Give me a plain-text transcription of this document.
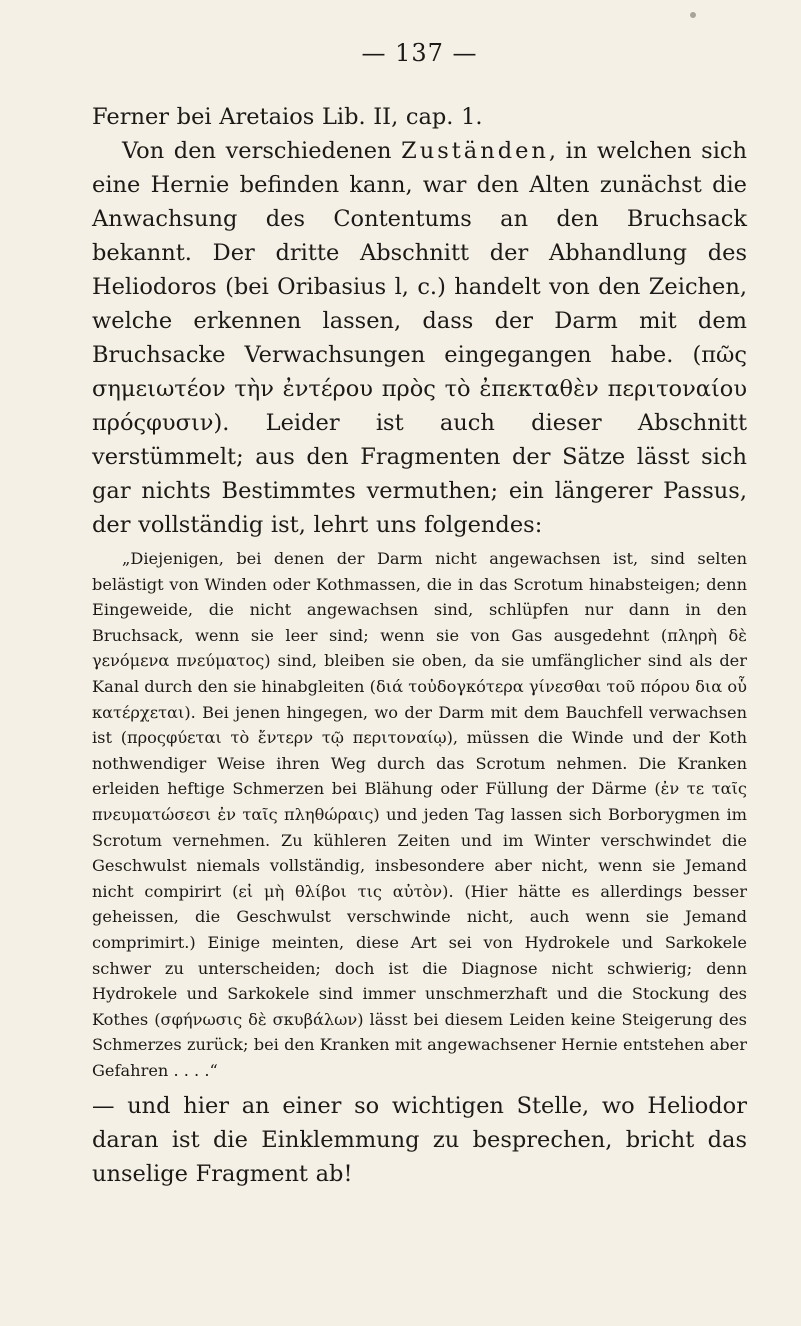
— 137 —

Ferner bei Aretaios Lib. II, cap. 1.

Von den verschiedenen Zuständen, in welchen sich eine Hernie befinden kann, war den Alten zunächst die Anwachsung des Contentums an den Bruchsack bekannt. Der dritte Abschnitt der Abhandlung des Heliodoros (bei Oribasius l, c.) handelt von den Zeichen, welche erkennen lassen, dass der Darm mit dem Bruchsacke Verwachsungen eingegangen habe. (πῶς σημειωτέον τὴν ἐντέρου πρὸς τὸ ἐπεκταθὲν περιτοναίου πρόςφυσιν). Leider ist auch dieser Abschnitt verstümmelt; aus den Fragmenten der Sätze lässt sich gar nichts Bestimmtes vermuthen; ein längerer Passus, der vollständig ist, lehrt uns folgendes:

„Diejenigen, bei denen der Darm nicht angewachsen ist, sind selten belästigt von Winden oder Kothmassen, die in das Scrotum hinabsteigen; denn Eingeweide, die nicht angewachsen sind, schlüpfen nur dann in den Bruchsack, wenn sie leer sind; wenn sie von Gas ausgedehnt (πληρὴ δὲ γενόμενα πνεύματος) sind, bleiben sie oben, da sie umfänglicher sind als der Kanal durch den sie hinabgleiten (διά τοὐδογκότερα γίνεσθαι τοῦ πόρου δια οὗ κατέρχεται). Bei jenen hingegen, wo der Darm mit dem Bauchfell verwachsen ist (προςφύεται τὸ ἔντερν τῷ περιτοναίῳ), müssen die Winde und der Koth nothwendiger Weise ihren Weg durch das Scrotum nehmen. Die Kranken erleiden heftige Schmerzen bei Blähung oder Füllung der Därme (ἐν τε ταῖς πνευματώσεσι ἐν ταῖς πληθώραις) und jeden Tag lassen sich Borborygmen im Scrotum vernehmen. Zu kühleren Zeiten und im Winter verschwindet die Geschwulst niemals vollständig, insbesondere aber nicht, wenn sie Jemand nicht compirirt (εἰ μὴ θλίβοι τις αὐτὸν). (Hier hätte es allerdings besser geheissen, die Geschwulst verschwinde nicht, auch wenn sie Jemand comprimirt.) Einige meinten, diese Art sei von Hydrokele und Sarkokele schwer zu unterscheiden; doch ist die Diagnose nicht schwierig; denn Hydrokele und Sarkokele sind immer unschmerzhaft und die Stockung des Kothes (σφήνωσις δὲ σκυβάλων) lässt bei diesem Leiden keine Steigerung des Schmerzes zurück; bei den Kranken mit angewachsener Hernie entstehen aber Gefahren . . . .“

— und hier an einer so wichtigen Stelle, wo Heliodor daran ist die Einklemmung zu besprechen, bricht das unselige Fragment ab!
